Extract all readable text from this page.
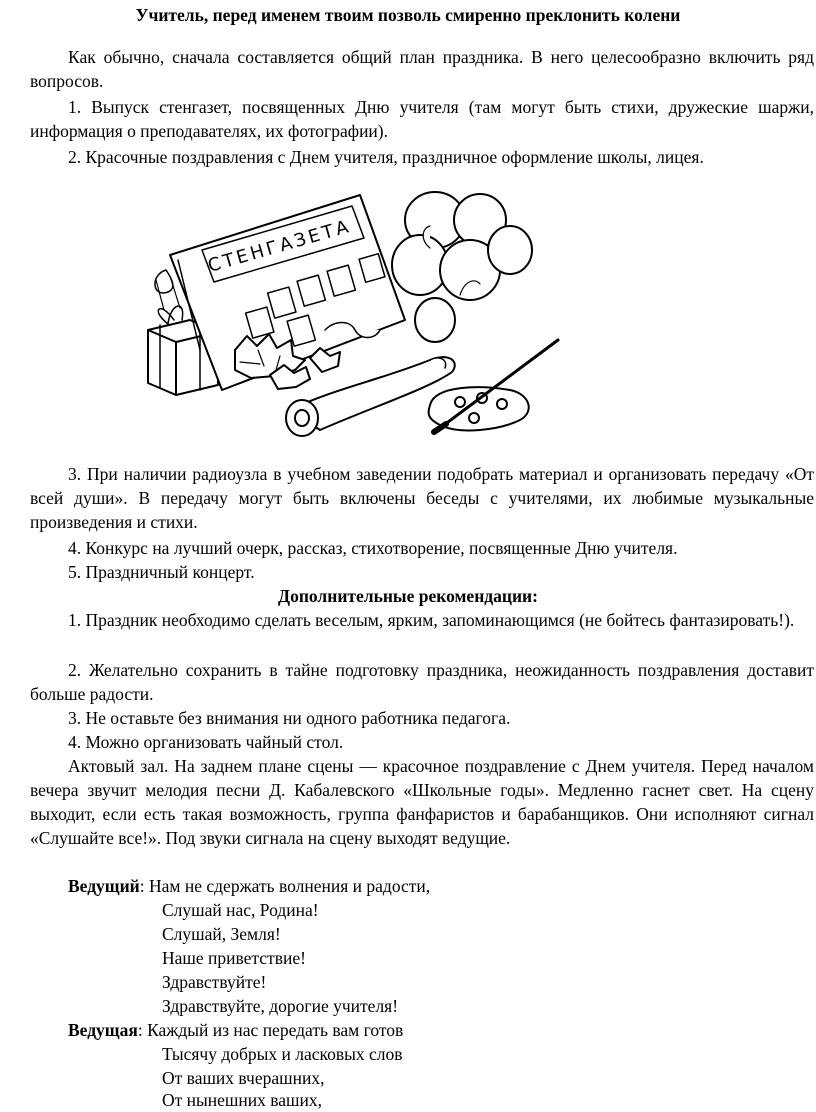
Учитель, перед именем твоим позволь смиренно преклонить колени

Как обычно, сначала составляется общий план праздника. В него целесообразно включить ряд вопросов.

1. Выпуск стенгазет, посвященных Дню учителя (там могут быть стихи, дружеские шаржи, информация о преподавателях, их фотографии).

2. Красочные поздравления с Днем учителя, праздничное оформление школы, лицея.

СТЕНГАЗЕТА

3. При наличии радиоузла в учебном заведении подобрать материал и организовать передачу «От всей души». В передачу могут быть включены беседы с учителями, их любимые музыкальные произведения и стихи.

4. Конкурс на лучший очерк, рассказ, стихотворение, посвященные Дню учителя.

5. Праздничный концерт.

Дополнительные рекомендации:

1. Праздник необходимо сделать веселым, ярким, запоминающимся (не бойтесь фантазировать!).

2. Желательно сохранить в тайне подготовку праздника, неожиданность поздравления доставит больше радости.

3. Не оставьте без внимания ни одного работника педагога.

4. Можно организовать чайный стол.

Актовый зал. На заднем плане сцены — красочное поздравление с Днем учителя. Перед началом вечера звучит мелодия песни Д. Кабалевского «Школьные годы». Медленно гаснет свет. На сцену выходит, если есть такая возможность, группа фанфаристов и барабанщиков. Они исполняют сигнал «Слушайте все!». Под звуки сигнала на сцену выходят ведущие.

Ведущий: Нам не сдержать волнения и радости,
Слушай нас, Родина!
Слушай, Земля!
Наше приветствие!
Здравствуйте!
Здравствуйте, дорогие учителя!
Ведущая: Каждый из нас передать вам готов
Тысячу добрых и ласковых слов
От ваших вчерашних,
От нынешних ваших,
